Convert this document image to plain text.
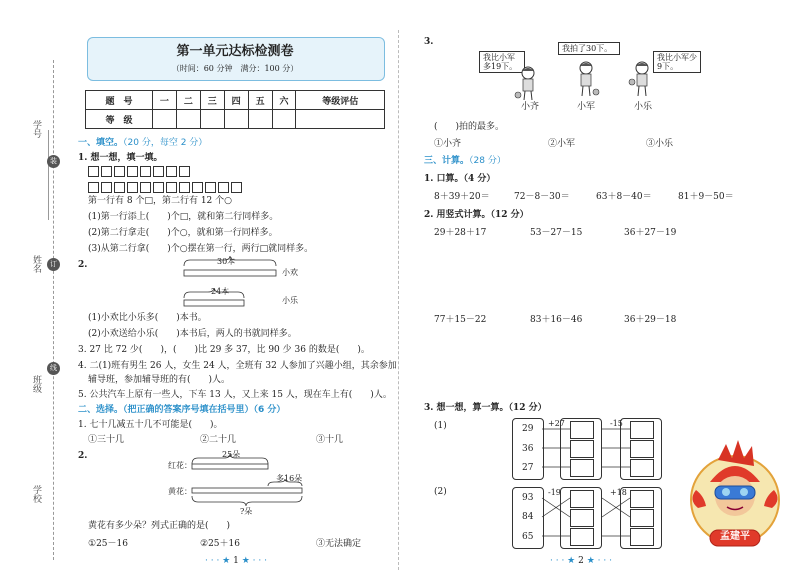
学号
姓名
班级
学校
装
订
线
第一单元达标检测卷
（时间：60 分钟　满分：100 分）
题　号	一	二	三	四	五	六	等级评估
等　级							
一、填空。（20 分，每空 2 分）
1. 想一想，填一填。
第一行有 8 个□，第二行有 12 个○
(1)第一行添上(　　)个□，就和第二行同样多。
(2)第二行拿走(　　)个○，就和第一行同样多。
(3)从第二行拿(　　)个○摆在第一行，两行□就同样多。
2.	30本
小欢
24本
小乐
(1)小欢比小乐多(　　)本书。
(2)小欢送给小乐(　　)本书后，两人的书就同样多。
3. 27 比 72 少(　　)，(　　)比 29 多 37，比 90 少 36 的数是(　　)。
4. 二(1)班有男生 26 人，女生 24 人，全班有 32 人参加了兴趣小组，其余参加
辅导班，参加辅导班的有(　　)人。
5. 公共汽车上原有一些人，下车 13 人，又上来 15 人，现在车上有(　　)人。
二、选择。（把正确的答案序号填在括号里）（6 分）
1. 七十几减五十几不可能是(　　)。
①三十几	②二十几	③十几
2.
红花：
25朵
多16朵
黄花：
?朵
黄花有多少朵？列式正确的是(　　)
①25－16	②25＋16	③无法确定
· · · ★ 1 ★ · · ·
3.
我比小军多19下。
我拍了30下。
我比小军少9下。
小齐	小军	小乐
(　　)拍的最多。
①小齐	②小军	③小乐
三、计算。（28 分）
1. 口算。（4 分）
8＋39＋20＝	72－8－30＝	63＋8－40＝	81＋9－50＝
2. 用竖式计算。（12 分）
29＋28＋17	53－27－15	36＋27－19
77＋15－22	83＋16－46	36＋29－18
3. 想一想，算一算。（12 分）
(1)	29
36
27
+27	-15
(2)
93
84
65
-19	+18
孟建平
· · · ★ 2 ★ · · ·
